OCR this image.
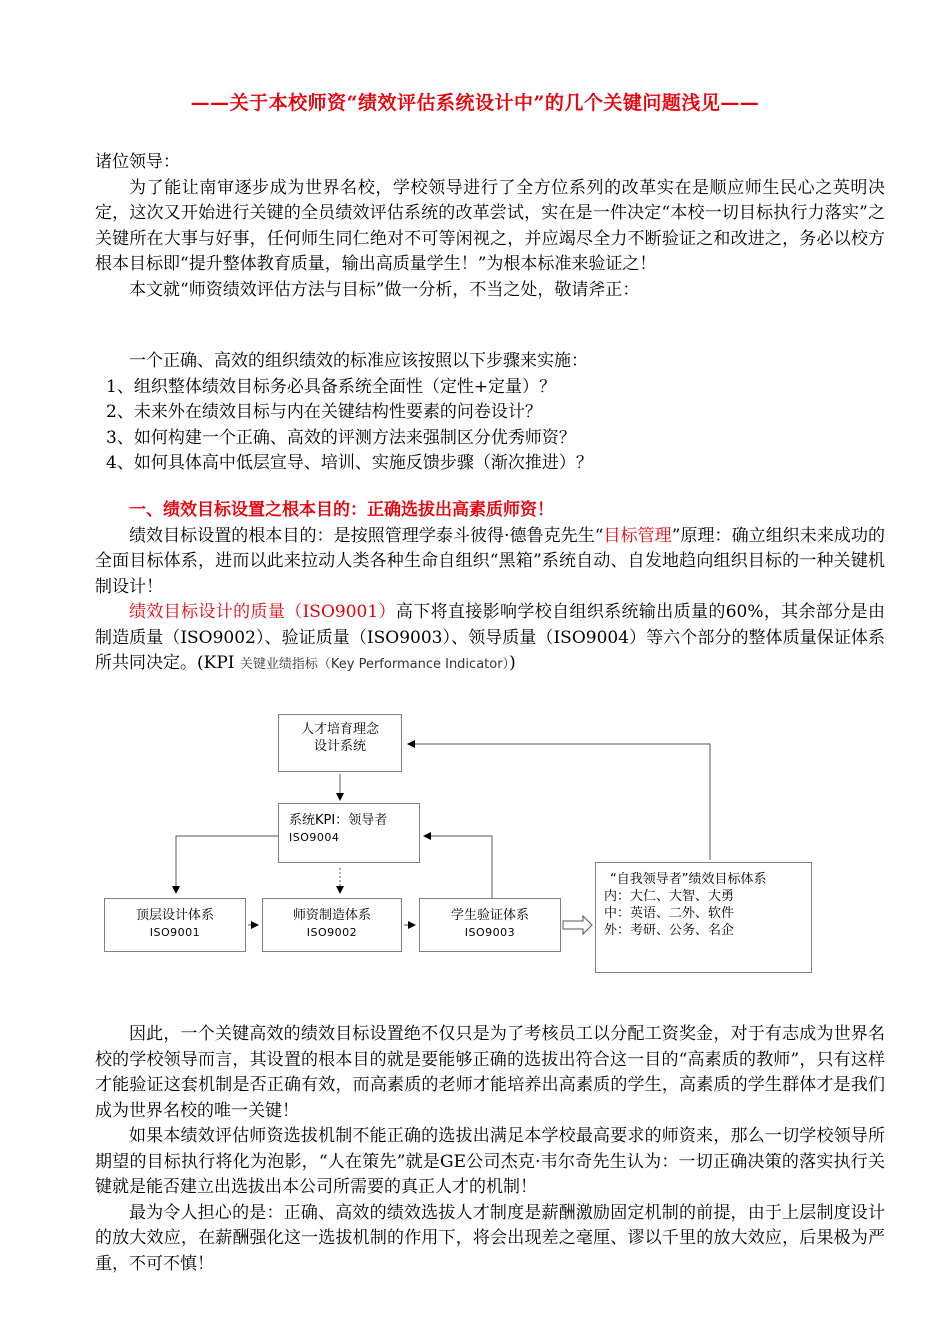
——关于本校师资“绩效评估系统设计中”的几个关键问题浅见——

诸位领导：

为了能让南审逐步成为世界名校，学校领导进行了全方位系列的改革实在是顺应师生民心之英明决定，这次又开始进行关键的全员绩效评估系统的改革尝试，实在是一件决定“本校一切目标执行力落实”之关键所在大事与好事，任何师生同仁绝对不可等闲视之，并应竭尽全力不断验证之和改进之，务必以校方根本目标即“提升整体教育质量，输出高质量学生！”为根本标准来验证之！

本文就“师资绩效评估方法与目标”做一分析，不当之处，敬请斧正：

一个正确、高效的组织绩效的标准应该按照以下步骤来实施：

1、组织整体绩效目标务必具备系统全面性（定性+定量）？

2、未来外在绩效目标与内在关键结构性要素的问卷设计？

3、如何构建一个正确、高效的评测方法来强制区分优秀师资？

4、如何具体高中低层宣导、培训、实施反馈步骤（渐次推进）？

一、绩效目标设置之根本目的：正确选拔出高素质师资！

绩效目标设置的根本目的：是按照管理学泰斗彼得·德鲁克先生“目标管理”原理：确立组织未来成功的全面目标体系，进而以此来拉动人类各种生命自组织“黑箱”系统自动、自发地趋向组织目标的一种关键机制设计！

绩效目标设计的质量（ISO9001）高下将直接影响学校自组织系统输出质量的60%，其余部分是由制造质量（ISO9002）、验证质量（ISO9003）、领导质量（ISO9004）等六个部分的整体质量保证体系所共同决定。(KPI 关键业绩指标（Key Performance Indicator）)

人才培育理念
设计系统
系统KPI：领导者
ISO9004
顶层设计体系
ISO9001
师资制造体系
ISO9002
学生验证体系
ISO9003
“自我领导者”绩效目标体系
内：大仁、大智、大勇
中：英语、二外、软件
外：考研、公务、名企

因此，一个关键高效的绩效目标设置绝不仅只是为了考核员工以分配工资奖金，对于有志成为世界名校的学校领导而言，其设置的根本目的就是要能够正确的选拔出符合这一目的“高素质的教师”，只有这样才能验证这套机制是否正确有效，而高素质的老师才能培养出高素质的学生，高素质的学生群体才是我们成为世界名校的唯一关键！

如果本绩效评估师资选拔机制不能正确的选拔出满足本学校最高要求的师资来，那么一切学校领导所期望的目标执行将化为泡影，“人在策先”就是GE公司杰克·韦尔奇先生认为：一切正确决策的落实执行关键就是能否建立出选拔出本公司所需要的真正人才的机制！

最为令人担心的是：正确、高效的绩效选拔人才制度是薪酬激励固定机制的前提，由于上层制度设计的放大效应，在薪酬强化这一选拔机制的作用下，将会出现差之毫厘、谬以千里的放大效应，后果极为严重，不可不慎！
